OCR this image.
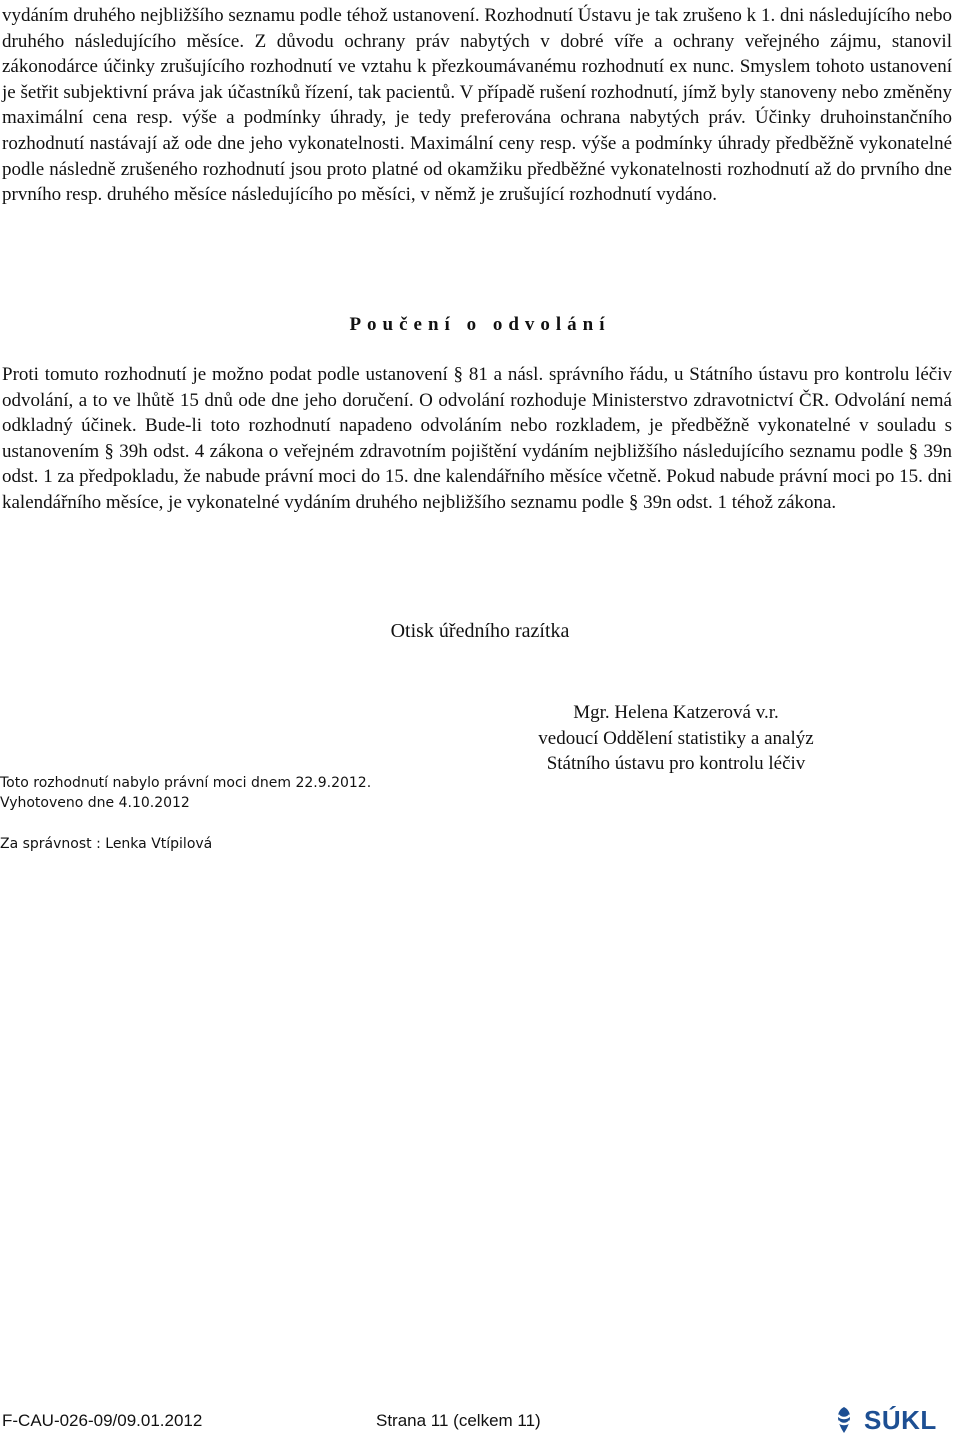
vydáním druhého nejbližšího seznamu podle téhož ustanovení. Rozhodnutí Ústavu je tak zrušeno k 1. dni následujícího nebo druhého následujícího měsíce. Z důvodu ochrany práv nabytých v dobré víře a ochrany veřejného zájmu, stanovil zákonodárce účinky zrušujícího rozhodnutí ve vztahu k přezkoumávanému rozhodnutí ex nunc. Smyslem tohoto ustanovení je šetřit subjektivní práva jak účastníků řízení, tak pacientů. V případě rušení rozhodnutí, jímž byly stanoveny nebo změněny maximální cena resp. výše a podmínky úhrady, je tedy preferována ochrana nabytých práv. Účinky druhoinstančního rozhodnutí nastávají až ode dne jeho vykonatelnosti. Maximální ceny resp. výše a podmínky úhrady předběžně vykonatelné podle následně zrušeného rozhodnutí jsou proto platné od okamžiku předběžné vykonatelnosti rozhodnutí až do prvního dne prvního resp. druhého měsíce následujícího po měsíci, v němž je zrušující rozhodnutí vydáno.

Poučení o odvolání

Proti tomuto rozhodnutí je možno podat podle ustanovení § 81 a násl. správního řádu, u Státního ústavu pro kontrolu léčiv odvolání, a to ve lhůtě 15 dnů ode dne jeho doručení. O odvolání rozhoduje Ministerstvo zdravotnictví ČR. Odvolání nemá odkladný účinek. Bude-li toto rozhodnutí napadeno odvoláním nebo rozkladem, je předběžně vykonatelné v souladu s ustanovením § 39h odst. 4 zákona o veřejném zdravotním pojištění vydáním nejbližšího následujícího seznamu podle § 39n odst. 1 za předpokladu, že nabude právní moci do 15. dne kalendářního měsíce včetně. Pokud nabude právní moci po 15. dni kalendářního měsíce, je vykonatelné vydáním druhého nejbližšího seznamu podle § 39n odst. 1 téhož zákona.

Otisk úředního razítka

Mgr. Helena Katzerová v.r.
vedoucí Oddělení statistiky a analýz
Státního ústavu pro kontrolu léčiv
Toto rozhodnutí nabylo právní moci dnem 22.9.2012.
Vyhotoveno dne 4.10.2012
Za správnost : Lenka Vtípilová
F-CAU-026-09/09.01.2012	Strana 11 (celkem 11)	SÚKL
